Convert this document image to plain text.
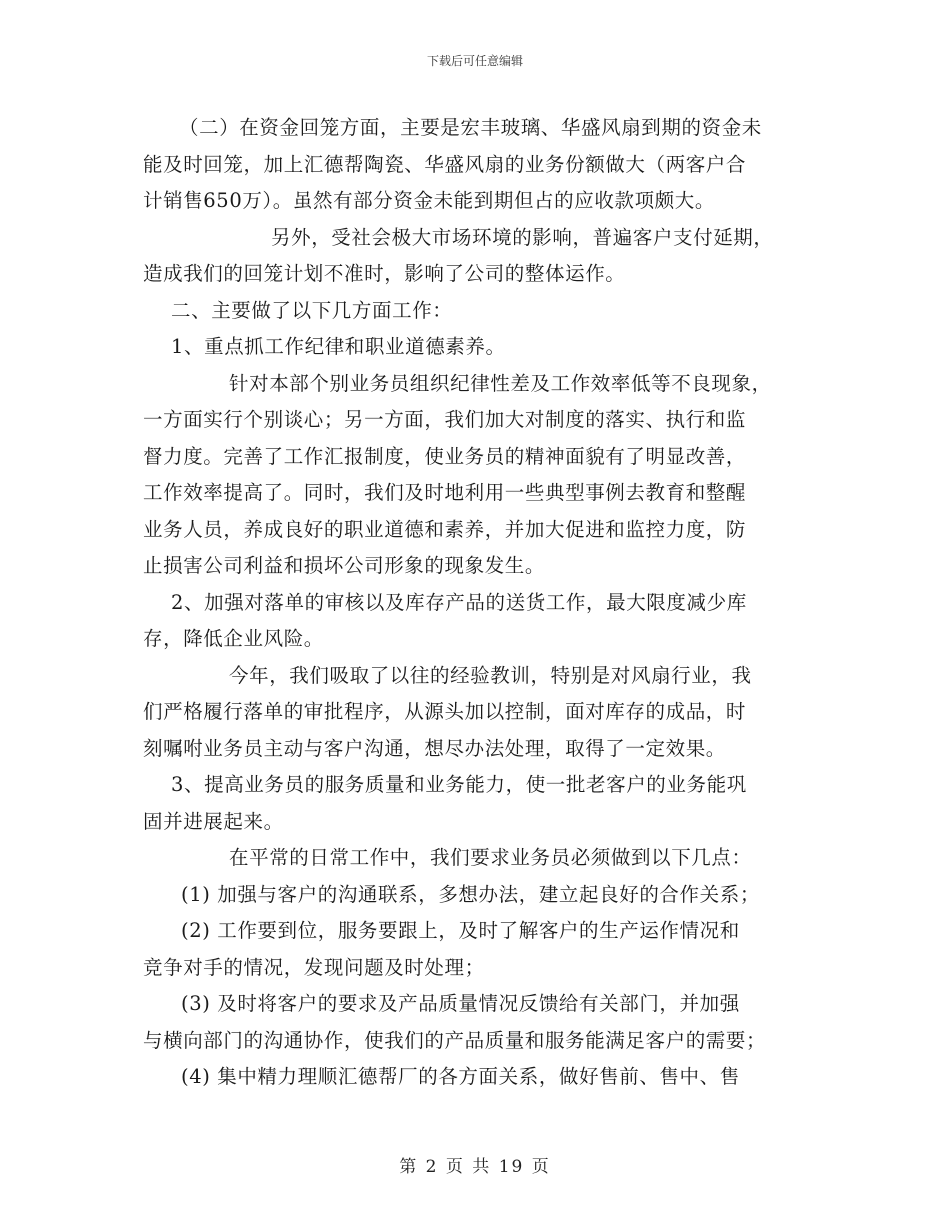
下载后可任意编辑
（二）在资金回笼方面，主要是宏丰玻璃、华盛风扇到期的资金未
能及时回笼，加上汇德帮陶瓷、华盛风扇的业务份额做大（两客户合
计销售650万）。虽然有部分资金未能到期但占的应收款项颇大。
另外，受社会极大市场环境的影响，普遍客户支付延期，
造成我们的回笼计划不准时，影响了公司的整体运作。
二、主要做了以下几方面工作：
1、重点抓工作纪律和职业道德素养。
针对本部个别业务员组织纪律性差及工作效率低等不良现象，
一方面实行个别谈心；另一方面，我们加大对制度的落实、执行和监
督力度。完善了工作汇报制度，使业务员的精神面貌有了明显改善，
工作效率提高了。同时，我们及时地利用一些典型事例去教育和整醒
业务人员，养成良好的职业道德和素养，并加大促进和监控力度，防
止损害公司利益和损坏公司形象的现象发生。
2、加强对落单的审核以及库存产品的送货工作，最大限度减少库
存，降低企业风险。
今年，我们吸取了以往的经验教训，特别是对风扇行业，我
们严格履行落单的审批程序，从源头加以控制，面对库存的成品，时
刻嘱咐业务员主动与客户沟通，想尽办法处理，取得了一定效果。
3、提高业务员的服务质量和业务能力，使一批老客户的业务能巩
固并进展起来。
在平常的日常工作中，我们要求业务员必须做到以下几点：
(1) 加强与客户的沟通联系，多想办法，建立起良好的合作关系；
(2) 工作要到位，服务要跟上，及时了解客户的生产运作情况和
竞争对手的情况，发现问题及时处理；
(3) 及时将客户的要求及产品质量情况反馈给有关部门，并加强
与横向部门的沟通协作，使我们的产品质量和服务能满足客户的需要；
(4) 集中精力理顺汇德帮厂的各方面关系，做好售前、售中、售
第 2 页 共 19 页
